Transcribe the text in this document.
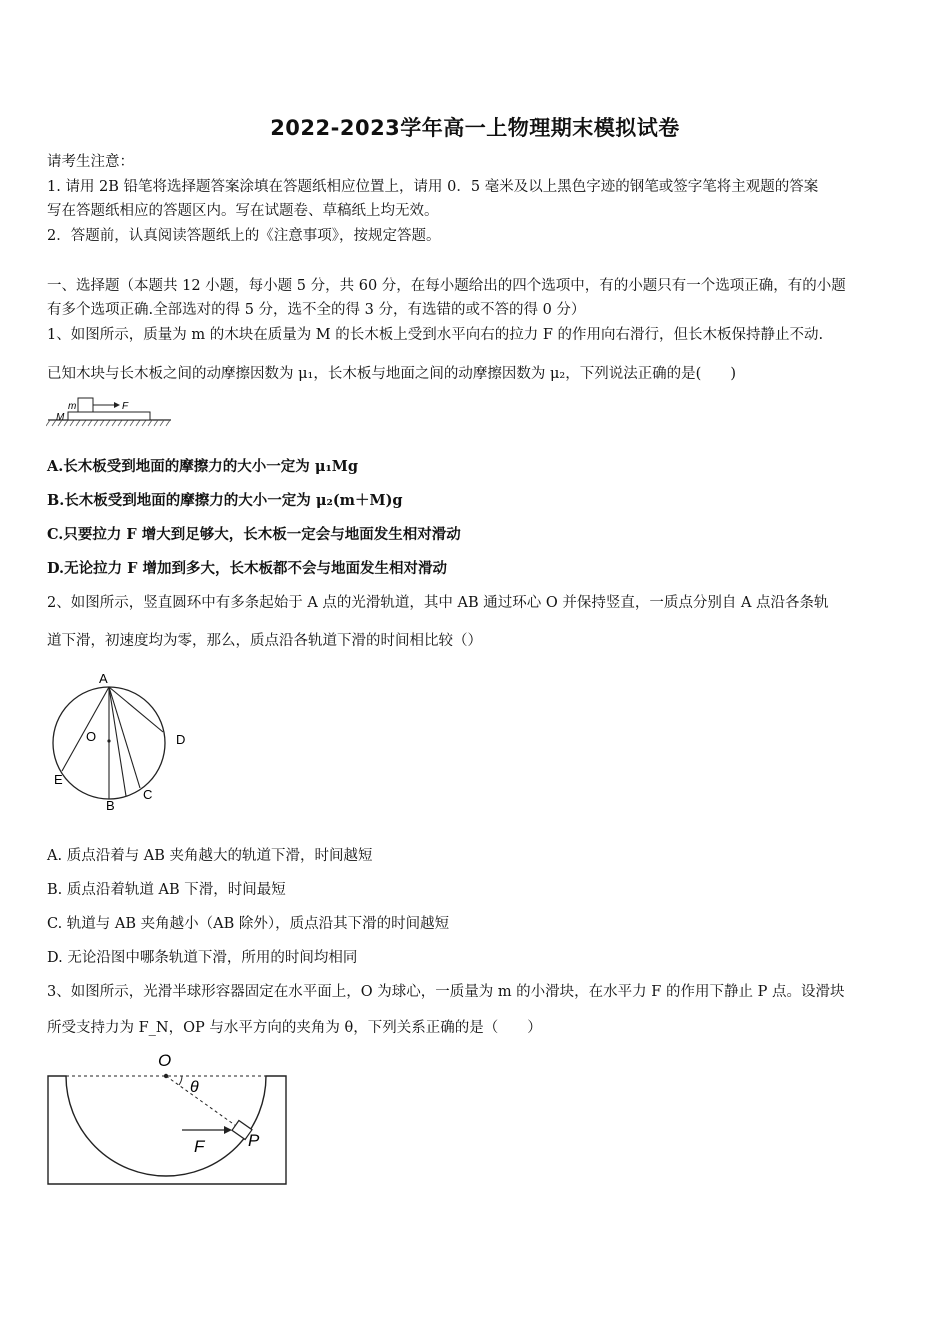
2022-2023学年高一上物理期末模拟试卷
请考生注意：
1. 请用 2B 铅笔将选择题答案涂填在答题纸相应位置上，请用 0．5 毫米及以上黑色字迹的钢笔或签字笔将主观题的答案
写在答题纸相应的答题区内。写在试题卷、草稿纸上均无效。
2．答题前，认真阅读答题纸上的《注意事项》，按规定答题。
一、选择题（本题共 12 小题，每小题 5 分，共 60 分，在每小题给出的四个选项中，有的小题只有一个选项正确，有的小题
有多个选项正确.全部选对的得 5 分，选不全的得 3 分，有选错的或不答的得 0 分）
1、如图所示，质量为 m 的木块在质量为 M 的长木板上受到水平向右的拉力 F 的作用向右滑行，但长木板保持静止不动.
已知木块与长木板之间的动摩擦因数为 μ₁，长木板与地面之间的动摩擦因数为 μ₂，下列说法正确的是(　　)
m
M
F
A.长木板受到地面的摩擦力的大小一定为 μ₁Mg
B.长木板受到地面的摩擦力的大小一定为 μ₂(m＋M)g
C.只要拉力 F 增大到足够大，长木板一定会与地面发生相对滑动
D.无论拉力 F 增加到多大，长木板都不会与地面发生相对滑动
2、如图所示，竖直圆环中有多条起始于 A 点的光滑轨道，其中 AB 通过环心 O 并保持竖直，一质点分别自 A 点沿各条轨
道下滑，初速度均为零，那么，质点沿各轨道下滑的时间相比较（）
A
O	D
E
B
C
A. 质点沿着与 AB 夹角越大的轨道下滑，时间越短
B. 质点沿着轨道 AB 下滑，时间最短
C. 轨道与 AB 夹角越小（AB 除外），质点沿其下滑的时间越短
D. 无论沿图中哪条轨道下滑，所用的时间均相同
3、如图所示，光滑半球形容器固定在水平面上，O 为球心，一质量为 m 的小滑块，在水平力 F 的作用下静止 P 点。设滑块
所受支持力为 F_N，OP 与水平方向的夹角为 θ，下列关系正确的是（　　）
O
θ
F	P
